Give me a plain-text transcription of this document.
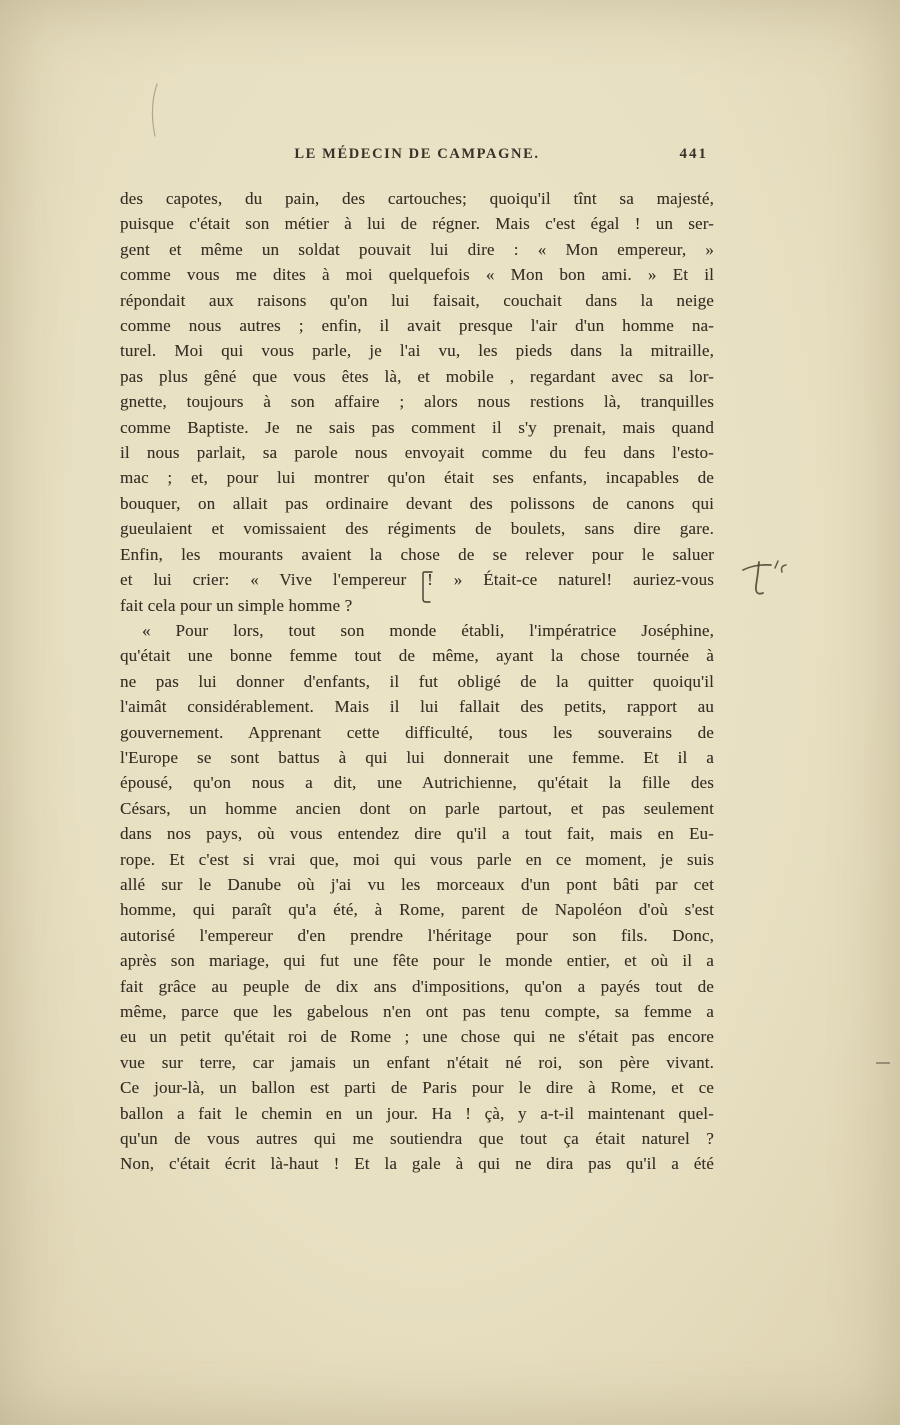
LE MÉDECIN DE CAMPAGNE.	441
des capotes, du pain, des cartouches; quoiqu'il tînt sa majesté,
puisque c'était son métier à lui de régner. Mais c'est égal ! un ser-
gent et même un soldat pouvait lui dire : « Mon empereur, »
comme vous me dites à moi quelquefois « Mon bon ami. » Et il
répondait aux raisons qu'on lui faisait, couchait dans la neige
comme nous autres ; enfin, il avait presque l'air d'un homme na-
turel. Moi qui vous parle, je l'ai vu, les pieds dans la mitraille,
pas plus gêné que vous êtes là, et mobile , regardant avec sa lor-
gnette, toujours à son affaire ; alors nous restions là, tranquilles
comme Baptiste. Je ne sais pas comment il s'y prenait, mais quand
il nous parlait, sa parole nous envoyait comme du feu dans l'esto-
mac ; et, pour lui montrer qu'on était ses enfants, incapables de
bouquer, on allait pas ordinaire devant des polissons de canons qui
gueulaient et vomissaient des régiments de boulets, sans dire gare.
Enfin, les mourants avaient la chose de se relever pour le saluer
et lui crier: « Vive l'empereur ! » Était-ce naturel! auriez-vous
fait cela pour un simple homme ?
« Pour lors, tout son monde établi, l'impératrice Joséphine,
qu'était une bonne femme tout de même, ayant la chose tournée à
ne pas lui donner d'enfants, il fut obligé de la quitter quoiqu'il
l'aimât considérablement. Mais il lui fallait des petits, rapport au
gouvernement. Apprenant cette difficulté, tous les souverains de
l'Europe se sont battus à qui lui donnerait une femme. Et il a
épousé, qu'on nous a dit, une Autrichienne, qu'était la fille des
Césars, un homme ancien dont on parle partout, et pas seulement
dans nos pays, où vous entendez dire qu'il a tout fait, mais en Eu-
rope. Et c'est si vrai que, moi qui vous parle en ce moment, je suis
allé sur le Danube où j'ai vu les morceaux d'un pont bâti par cet
homme, qui paraît qu'a été, à Rome, parent de Napoléon d'où s'est
autorisé l'empereur d'en prendre l'héritage pour son fils. Donc,
après son mariage, qui fut une fête pour le monde entier, et où il a
fait grâce au peuple de dix ans d'impositions, qu'on a payés tout de
même, parce que les gabelous n'en ont pas tenu compte, sa femme a
eu un petit qu'était roi de Rome ; une chose qui ne s'était pas encore
vue sur terre, car jamais un enfant n'était né roi, son père vivant.
Ce jour-là, un ballon est parti de Paris pour le dire à Rome, et ce
ballon a fait le chemin en un jour. Ha ! çà, y a-t-il maintenant quel-
qu'un de vous autres qui me soutiendra que tout ça était naturel ?
Non, c'était écrit là-haut ! Et la gale à qui ne dira pas qu'il a été
